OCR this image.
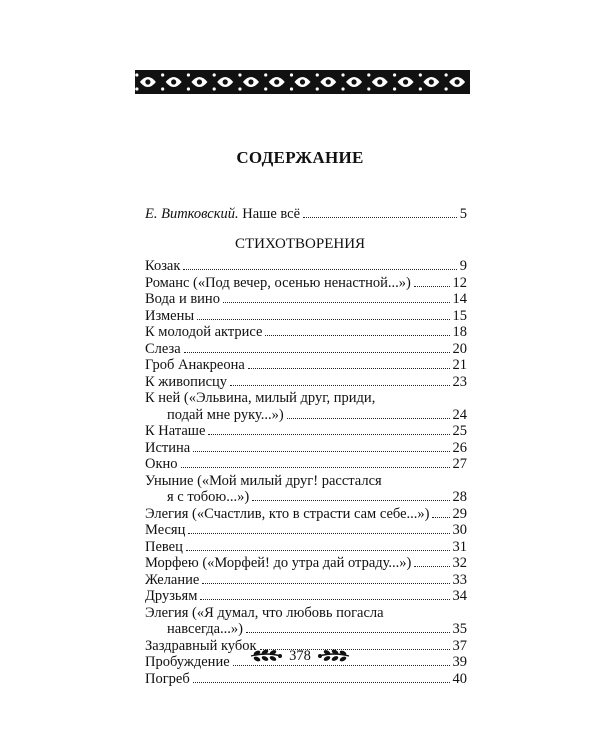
СОДЕРЖАНИЕ
Е. Витковский. Наше всё	5
СТИХОТВОРЕНИЯ
Козак	9
Романс («Под вечер, осенью ненастной...»)	12
Вода и вино	14
Измены	15
К молодой актрисе	18
Слеза	20
Гроб Анакреона	21
К живописцу	23
К ней («Эльвина, милый друг, приди,
подай мне руку...»)	24
К Наташе	25
Истина	26
Окно	27
Уныние («Мой милый друг! расстался
я с тобою...»)	28
Элегия («Счастлив, кто в страсти сам себе...») 29
Месяц	30
Певец	31
Морфею («Морфей! до утра дай отраду...»)	32
Желание	33
Друзьям	34
Элегия («Я думал, что любовь погасла
навсегда...»)	35
Заздравный кубок	37
Пробуждение	39
Погреб	40
378
